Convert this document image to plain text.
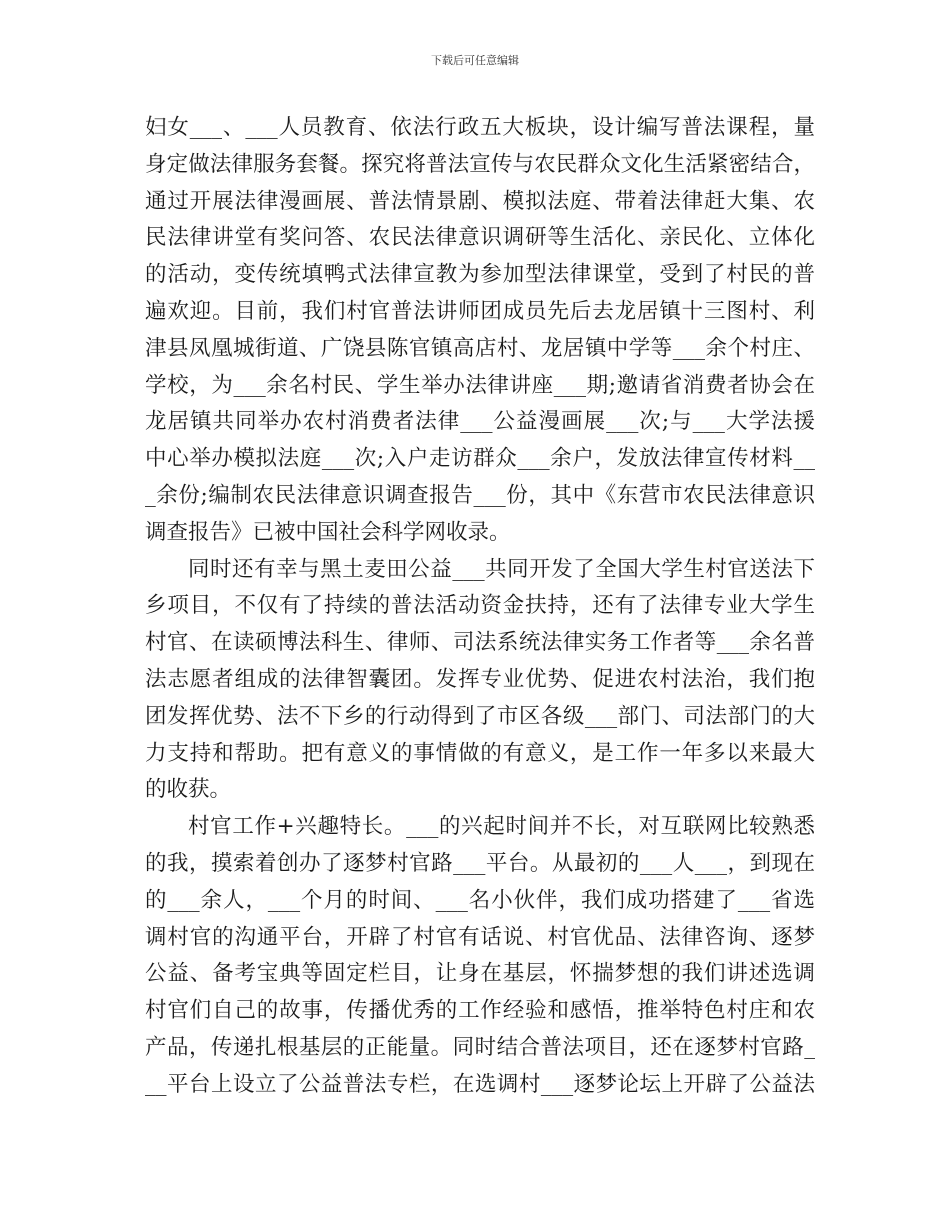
下载后可任意编辑
妇女___、___人员教育、依法行政五大板块，设计编写普法课程，量
身定做法律服务套餐。探究将普法宣传与农民群众文化生活紧密结合，
通过开展法律漫画展、普法情景剧、模拟法庭、带着法律赶大集、农
民法律讲堂有奖问答、农民法律意识调研等生活化、亲民化、立体化
的活动，变传统填鸭式法律宣教为参加型法律课堂，受到了村民的普
遍欢迎。目前，我们村官普法讲师团成员先后去龙居镇十三图村、利
津县凤凰城街道、广饶县陈官镇高店村、龙居镇中学等___余个村庄、
学校，为___余名村民、学生举办法律讲座___期;邀请省消费者协会在
龙居镇共同举办农村消费者法律___公益漫画展___次;与___大学法援
中心举办模拟法庭___次;入户走访群众___余户，发放法律宣传材料__
_余份;编制农民法律意识调查报告___份，其中《东营市农民法律意识
调查报告》已被中国社会科学网收录。
同时还有幸与黑土麦田公益___共同开发了全国大学生村官送法下
乡项目，不仅有了持续的普法活动资金扶持，还有了法律专业大学生
村官、在读硕博法科生、律师、司法系统法律实务工作者等___余名普
法志愿者组成的法律智囊团。发挥专业优势、促进农村法治，我们抱
团发挥优势、法不下乡的行动得到了市区各级___部门、司法部门的大
力支持和帮助。把有意义的事情做的有意义，是工作一年多以来最大
的收获。
村官工作+兴趣特长。___的兴起时间并不长，对互联网比较熟悉
的我，摸索着创办了逐梦村官路___平台。从最初的___人___，到现在
的___余人，___个月的时间、___名小伙伴，我们成功搭建了___省选
调村官的沟通平台，开辟了村官有话说、村官优品、法律咨询、逐梦
公益、备考宝典等固定栏目，让身在基层，怀揣梦想的我们讲述选调
村官们自己的故事，传播优秀的工作经验和感悟，推举特色村庄和农
产品，传递扎根基层的正能量。同时结合普法项目，还在逐梦村官路_
__平台上设立了公益普法专栏，在选调村___逐梦论坛上开辟了公益法
